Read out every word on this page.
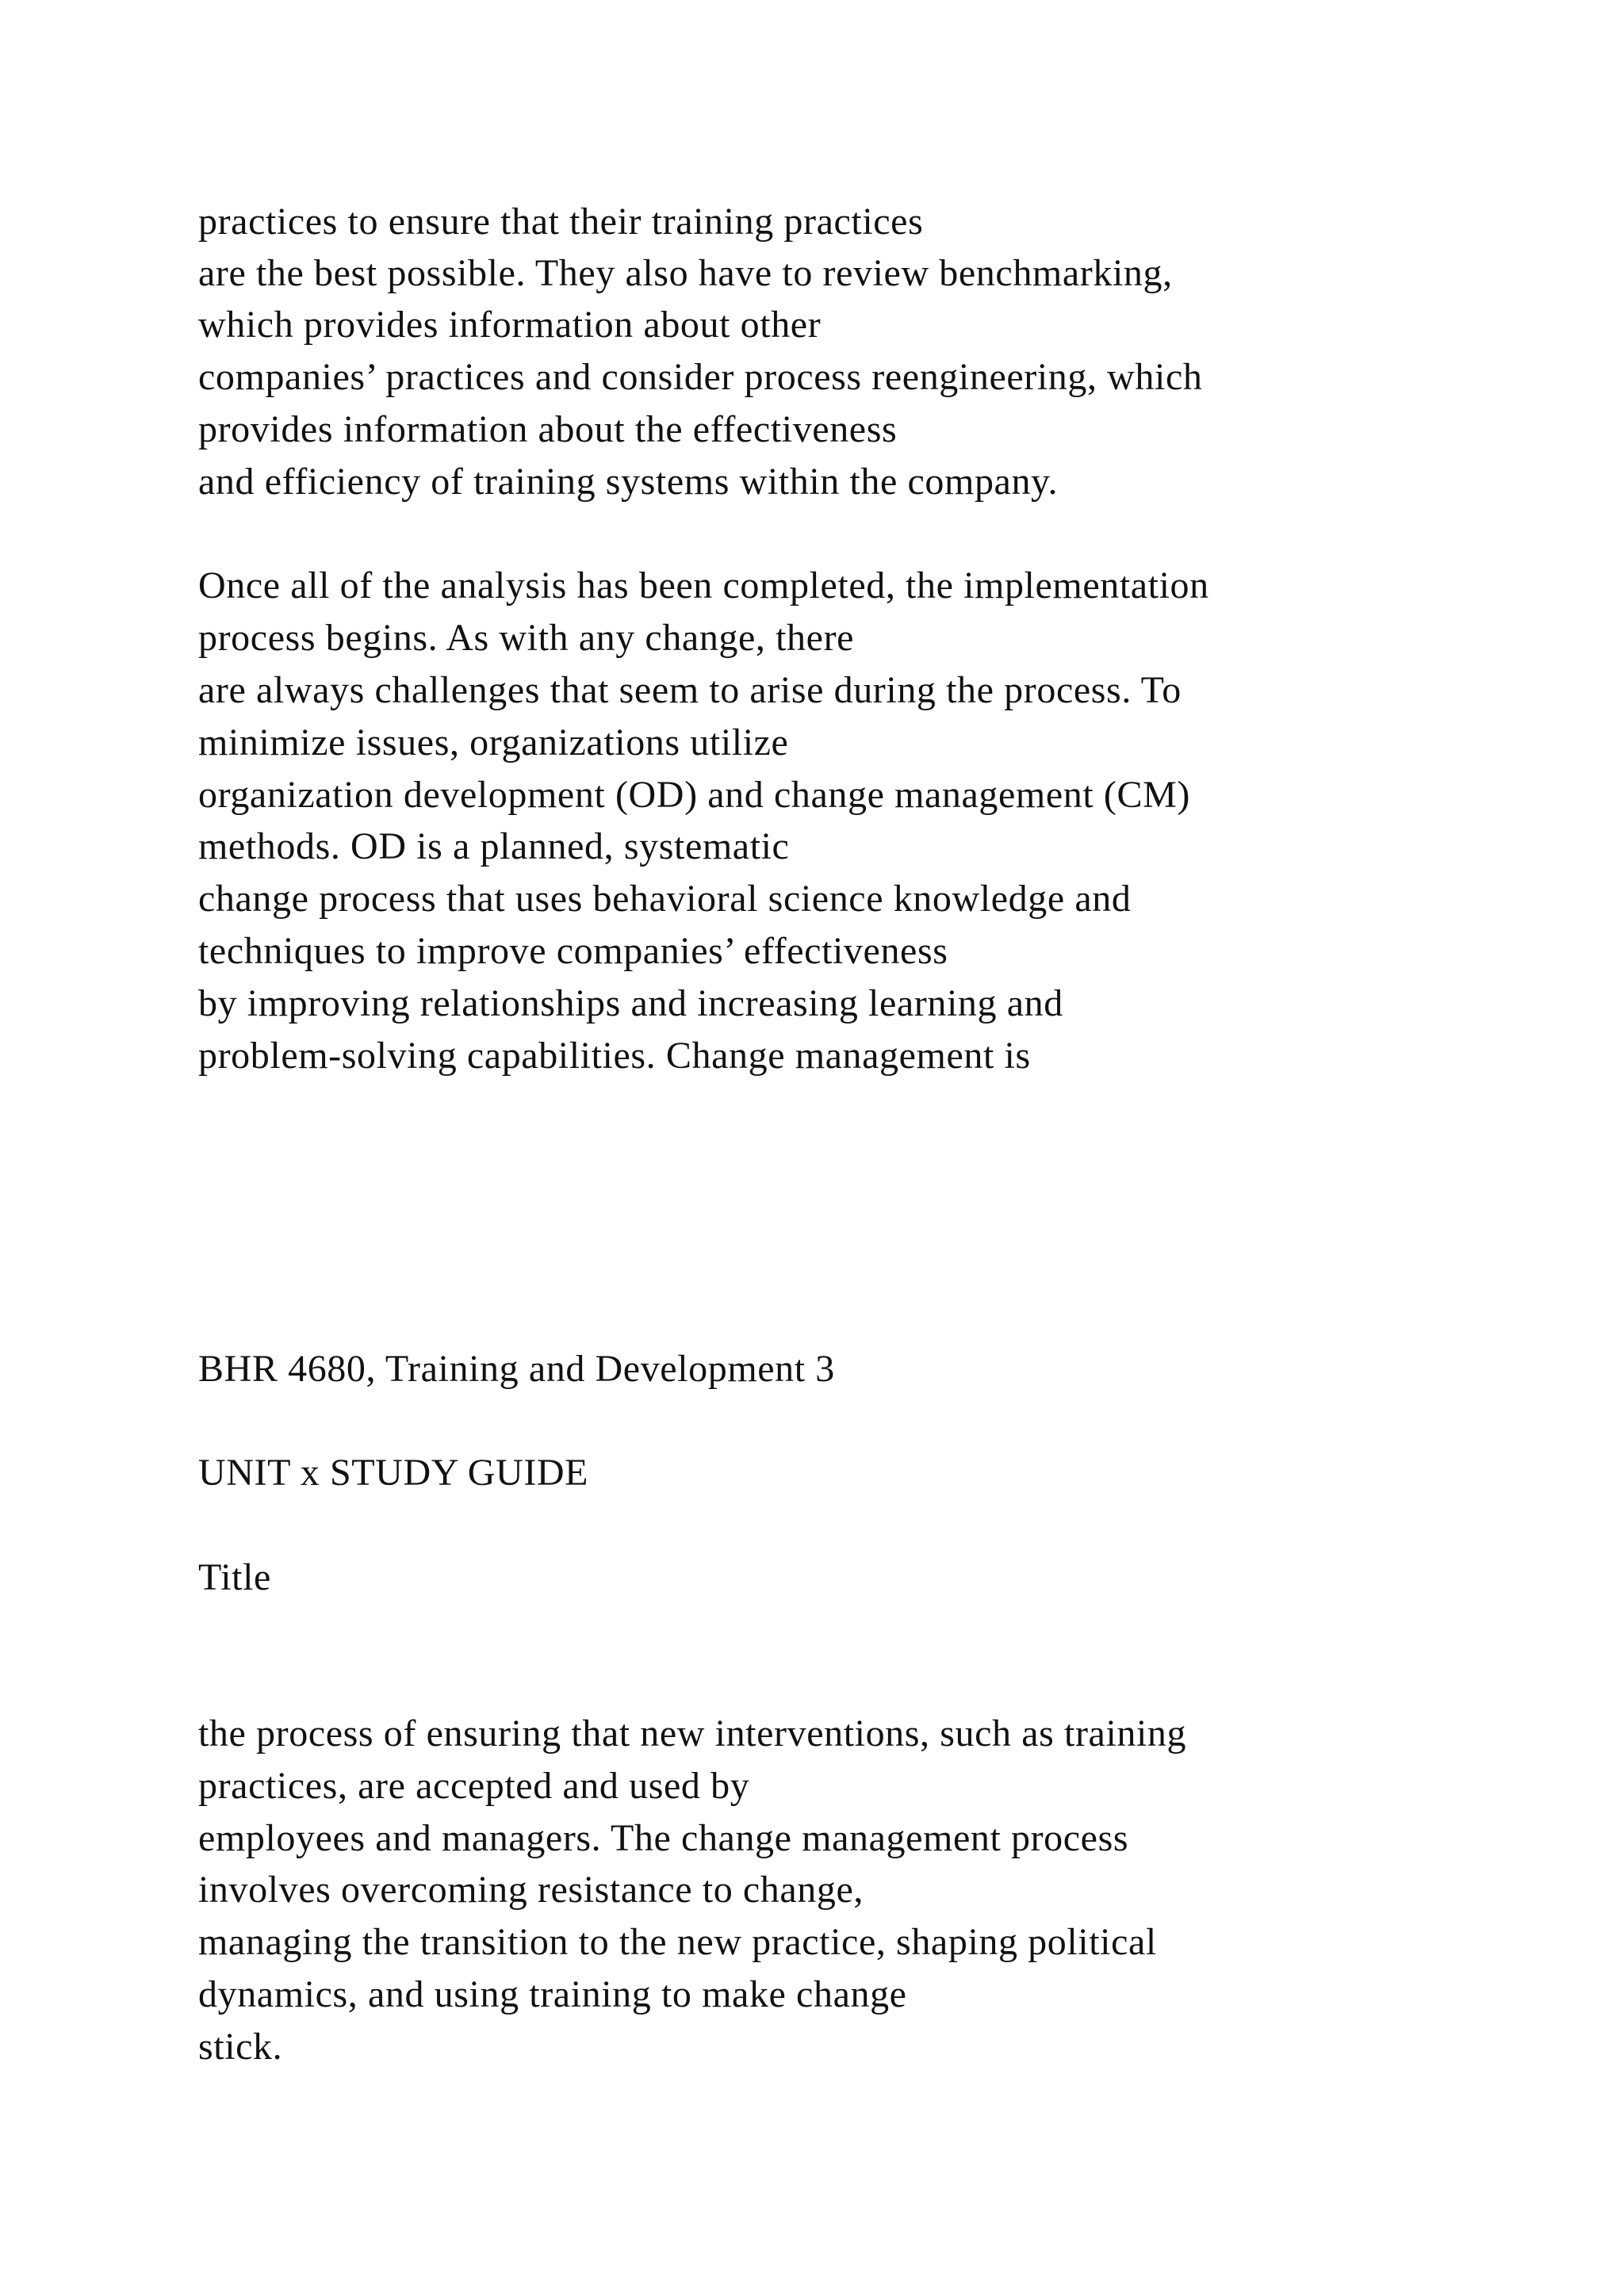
practices to ensure that their training practices

are the best possible. They also have to review benchmarking,

which provides information about other

companies’ practices and consider process reengineering, which

provides information about the effectiveness

and efficiency of training systems within the company.

Once all of the analysis has been completed, the implementation

process begins. As with any change, there

are always challenges that seem to arise during the process. To

minimize issues, organizations utilize

organization development (OD) and change management (CM)

methods. OD is a planned, systematic

change process that uses behavioral science knowledge and

techniques to improve companies’ effectiveness

by improving relationships and increasing learning and

problem-solving capabilities. Change management is

BHR 4680, Training and Development 3

UNIT x STUDY GUIDE

Title

the process of ensuring that new interventions, such as training

practices, are accepted and used by

employees and managers. The change management process

involves overcoming resistance to change,

managing the transition to the new practice, shaping political

dynamics, and using training to make change

stick.
